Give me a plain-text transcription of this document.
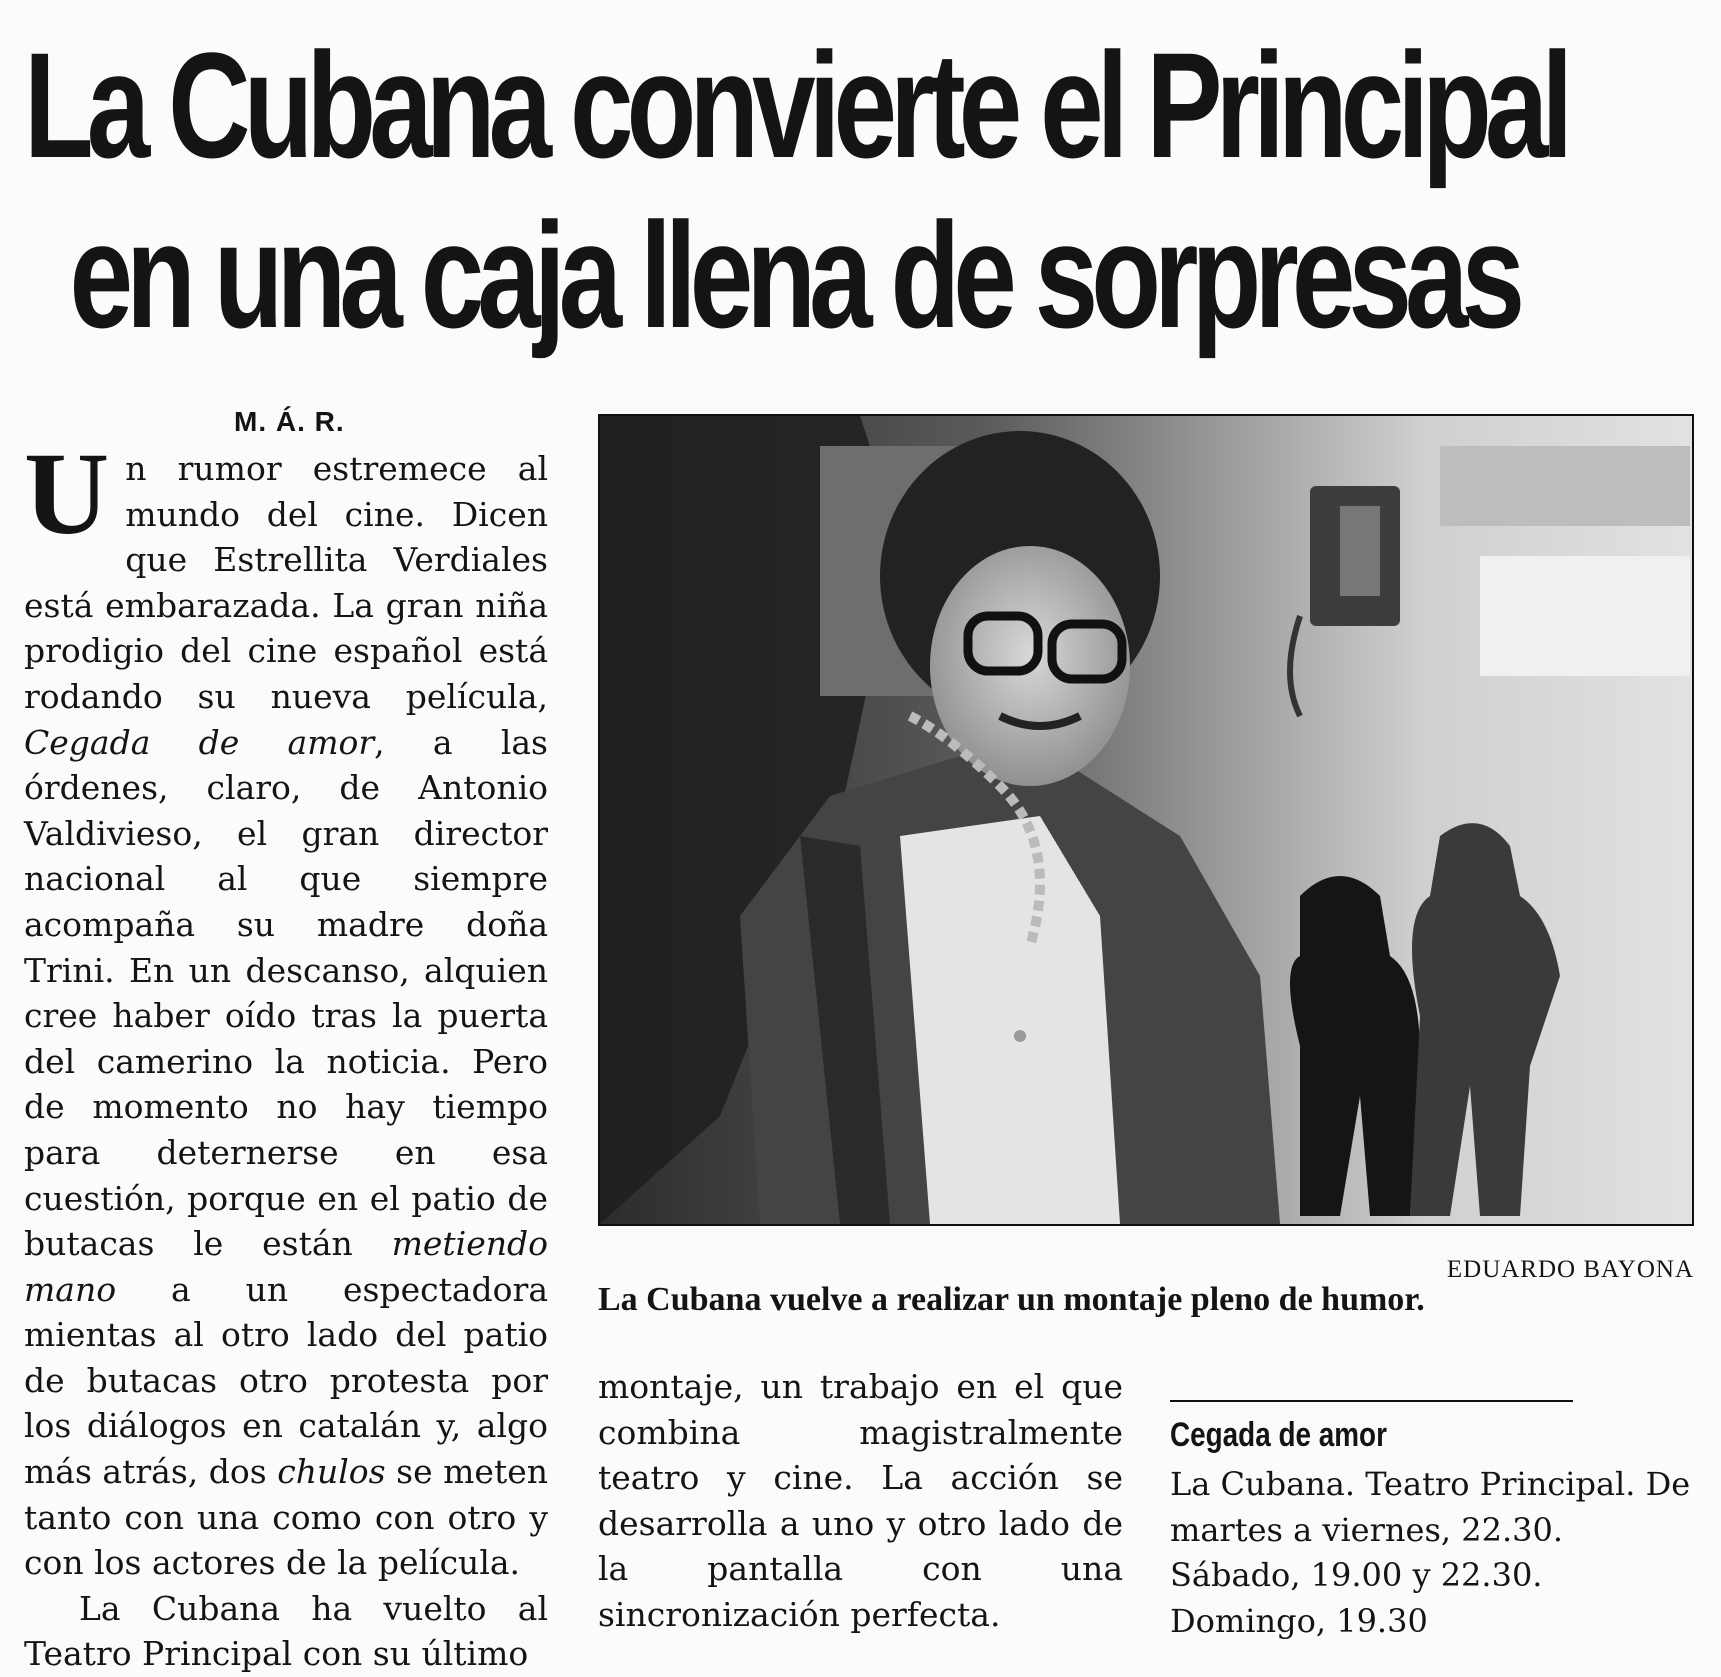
La Cubana convierte el Principal
en una caja llena de sorpresas
M. Á. R.

Un rumor estremece al mundo del cine. Dicen que Estrellita Verdiales está embarazada. La gran niña prodigio del cine español está rodando su nueva película, Cegada de amor, a las órdenes, claro, de Antonio Valdivieso, el gran director nacional al que siempre acompaña su madre doña Trini. En un descanso, alquien cree haber oído tras la puerta del camerino la noticia. Pero de momento no hay tiempo para deternerse en esa cuestión, porque en el patio de butacas le están metiendo mano a un espectadora mientas al otro lado del patio de butacas otro protesta por los diálogos en catalán y, algo más atrás, dos chulos se meten tanto con una como con otro y con los actores de la película.

La Cubana ha vuelto al Teatro Principal con su último

EDUARDO BAYONA
La Cubana vuelve a realizar un montaje pleno de humor.

montaje, un trabajo en el que combina magistralmente teatro y cine. La acción se desarrolla a uno y otro lado de la pantalla con una sincronización perfecta.

Cegada de amor
La Cubana. Teatro Principal. De martes a viernes, 22.30. Sábado, 19.00 y 22.30. Domingo, 19.30
